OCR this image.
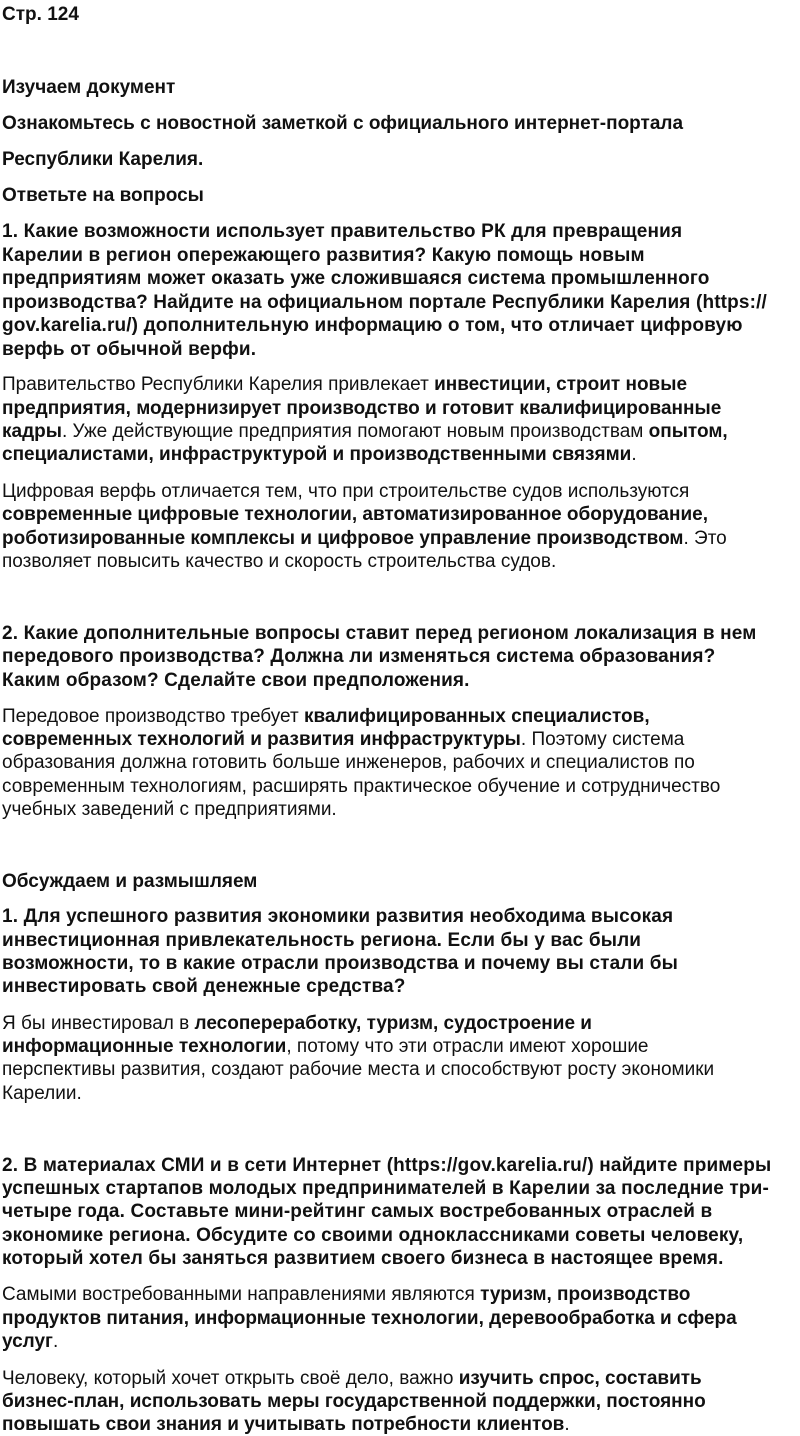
Стр. 124

Изучаем документ

Ознакомьтесь с новостной заметкой с официального интернет-портала

Республики Карелия.

Ответьте на вопросы

1. Какие возможности использует правительство РК для превращения

Карелии в регион опережающего развития? Какую помощь новым

предприятиям может оказать уже сложившаяся система промышленного

производства? Найдите на официальном портале Республики Карелия (https://

gov.karelia.ru/) дополнительную информацию о том, что отличает цифровую

верфь от обычной верфи.

Правительство Республики Карелия привлекает инвестиции, строит новые

предприятия, модернизирует производство и готовит квалифицированные

кадры. Уже действующие предприятия помогают новым производствам опытом,

специалистами, инфраструктурой и производственными связями.

Цифровая верфь отличается тем, что при строительстве судов используются

современные цифровые технологии, автоматизированное оборудование,

роботизированные комплексы и цифровое управление производством. Это

позволяет повысить качество и скорость строительства судов.

2. Какие дополнительные вопросы ставит перед регионом локализация в нем

передового производства? Должна ли изменяться система образования?

Каким образом? Сделайте свои предположения.

Передовое производство требует квалифицированных специалистов,

современных технологий и развития инфраструктуры. Поэтому система

образования должна готовить больше инженеров, рабочих и специалистов по

современным технологиям, расширять практическое обучение и сотрудничество

учебных заведений с предприятиями.

Обсуждаем и размышляем

1. Для успешного развития экономики развития необходима высокая

инвестиционная привлекательность региона. Если бы у вас были

возможности, то в какие отрасли производства и почему вы стали бы

инвестировать свой денежные средства?

Я бы инвестировал в лесопереработку, туризм, судостроение и

информационные технологии, потому что эти отрасли имеют хорошие

перспективы развития, создают рабочие места и способствуют росту экономики

Карелии.

2. В материалах СМИ и в сети Интернет (https://gov.karelia.ru/) найдите примеры

успешных стартапов молодых предпринимателей в Карелии за последние три-

четыре года. Составьте мини-рейтинг самых востребованных отраслей в

экономике региона. Обсудите со своими одноклассниками советы человеку,

который хотел бы заняться развитием своего бизнеса в настоящее время.

Самыми востребованными направлениями являются туризм, производство

продуктов питания, информационные технологии, деревообработка и сфера

услуг.

Человеку, который хочет открыть своё дело, важно изучить спрос, составить

бизнес-план, использовать меры государственной поддержки, постоянно

повышать свои знания и учитывать потребности клиентов.
